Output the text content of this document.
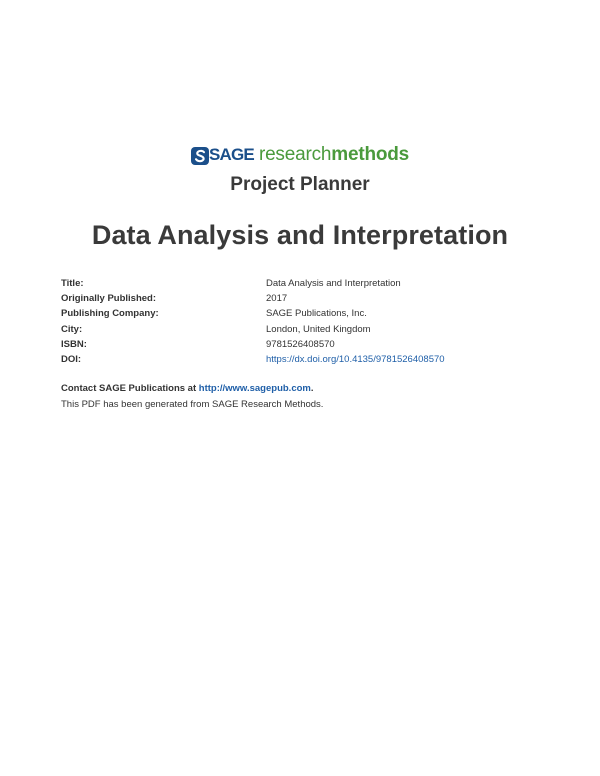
SAGE research methods
Project Planner
Data Analysis and Interpretation
Title:	Data Analysis and Interpretation
Originally Published:	2017
Publishing Company:	SAGE Publications, Inc.
City:	London, United Kingdom
ISBN:	9781526408570
DOI:	https://dx.doi.org/10.4135/9781526408570
Contact SAGE Publications at http://www.sagepub.com.
This PDF has been generated from SAGE Research Methods.
